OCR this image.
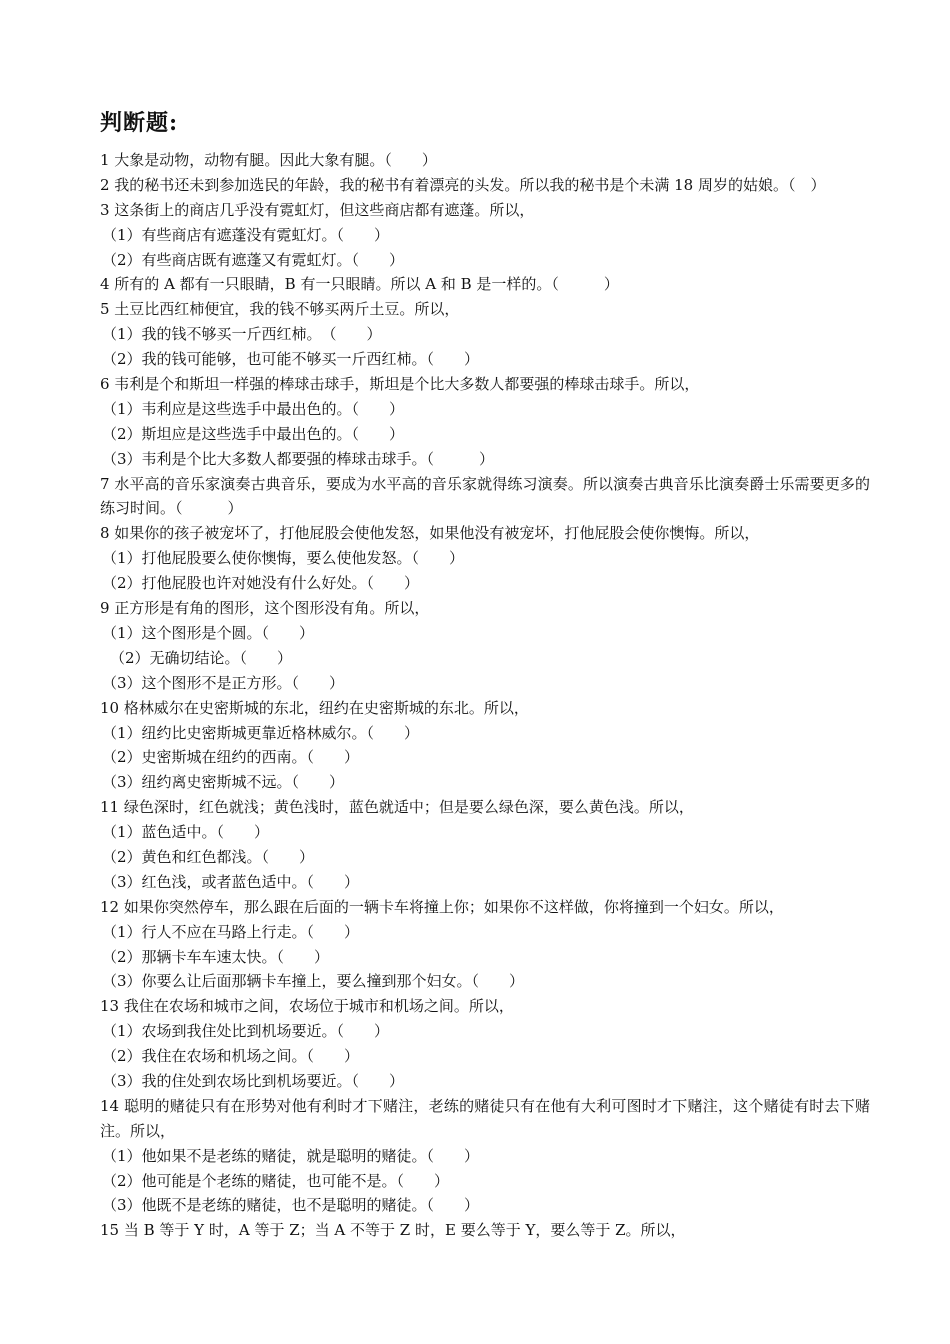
判断题:
1 大象是动物，动物有腿。因此大象有腿。（　　）
2 我的秘书还未到参加选民的年龄，我的秘书有着漂亮的头发。所以我的秘书是个未满 18 周岁的姑娘。（　）
3 这条街上的商店几乎没有霓虹灯，但这些商店都有遮蓬。所以，
（1）有些商店有遮蓬没有霓虹灯。（　　）
（2）有些商店既有遮蓬又有霓虹灯。（　　）
4 所有的 A 都有一只眼睛，B 有一只眼睛。所以 A 和 B 是一样的。（　　　）
5 土豆比西红柿便宜，我的钱不够买两斤土豆。所以，
（1）我的钱不够买一斤西红柿。　（　　）
（2）我的钱可能够，也可能不够买一斤西红柿。（　　）
6 韦利是个和斯坦一样强的棒球击球手，斯坦是个比大多数人都要强的棒球击球手。所以，
（1）韦利应是这些选手中最出色的。（　　）
（2）斯坦应是这些选手中最出色的。（　　）
（3）韦利是个比大多数人都要强的棒球击球手。（　　　）
7 水平高的音乐家演奏古典音乐，要成为水平高的音乐家就得练习演奏。所以演奏古典音乐比演奏爵士乐需要更多的练习时间。（　　　）
8 如果你的孩子被宠坏了，打他屁股会使他发怒，如果他没有被宠坏，打他屁股会使你懊悔。所以，
（1）打他屁股要么使你懊悔，要么使他发怒。（　　）
（2）打他屁股也许对她没有什么好处。（　　）
9 正方形是有角的图形，这个图形没有角。所以，
（1）这个图形是个圆。（　　）
（2）无确切结论。（　　）
（3）这个图形不是正方形。（　　）
10 格林威尔在史密斯城的东北，纽约在史密斯城的东北。所以，
（1）纽约比史密斯城更靠近格林威尔。（　　）
（2）史密斯城在纽约的西南。（　　）
（3）纽约离史密斯城不远。（　　）
11 绿色深时，红色就浅；黄色浅时，蓝色就适中；但是要么绿色深，要么黄色浅。所以，
（1）蓝色适中。（　　）
（2）黄色和红色都浅。（　　）
（3）红色浅，或者蓝色适中。（　　）
12 如果你突然停车，那么跟在后面的一辆卡车将撞上你；如果你不这样做，你将撞到一个妇女。所以，
（1）行人不应在马路上行走。（　　）
（2）那辆卡车车速太快。（　　）
（3）你要么让后面那辆卡车撞上，要么撞到那个妇女。（　　）
13 我住在农场和城市之间，农场位于城市和机场之间。所以，
（1）农场到我住处比到机场要近。（　　）
（2）我住在农场和机场之间。（　　）
（3）我的住处到农场比到机场要近。（　　）
14 聪明的赌徒只有在形势对他有利时才下赌注，老练的赌徒只有在他有大利可图时才下赌注，这个赌徒有时去下赌注。所以，
（1）他如果不是老练的赌徒，就是聪明的赌徒。（　　）
（2）他可能是个老练的赌徒，也可能不是。（　　）
（3）他既不是老练的赌徒，也不是聪明的赌徒。（　　）
15 当 B 等于 Y 时，A 等于 Z；当 A 不等于 Z 时，E 要么等于 Y，要么等于 Z。所以，
